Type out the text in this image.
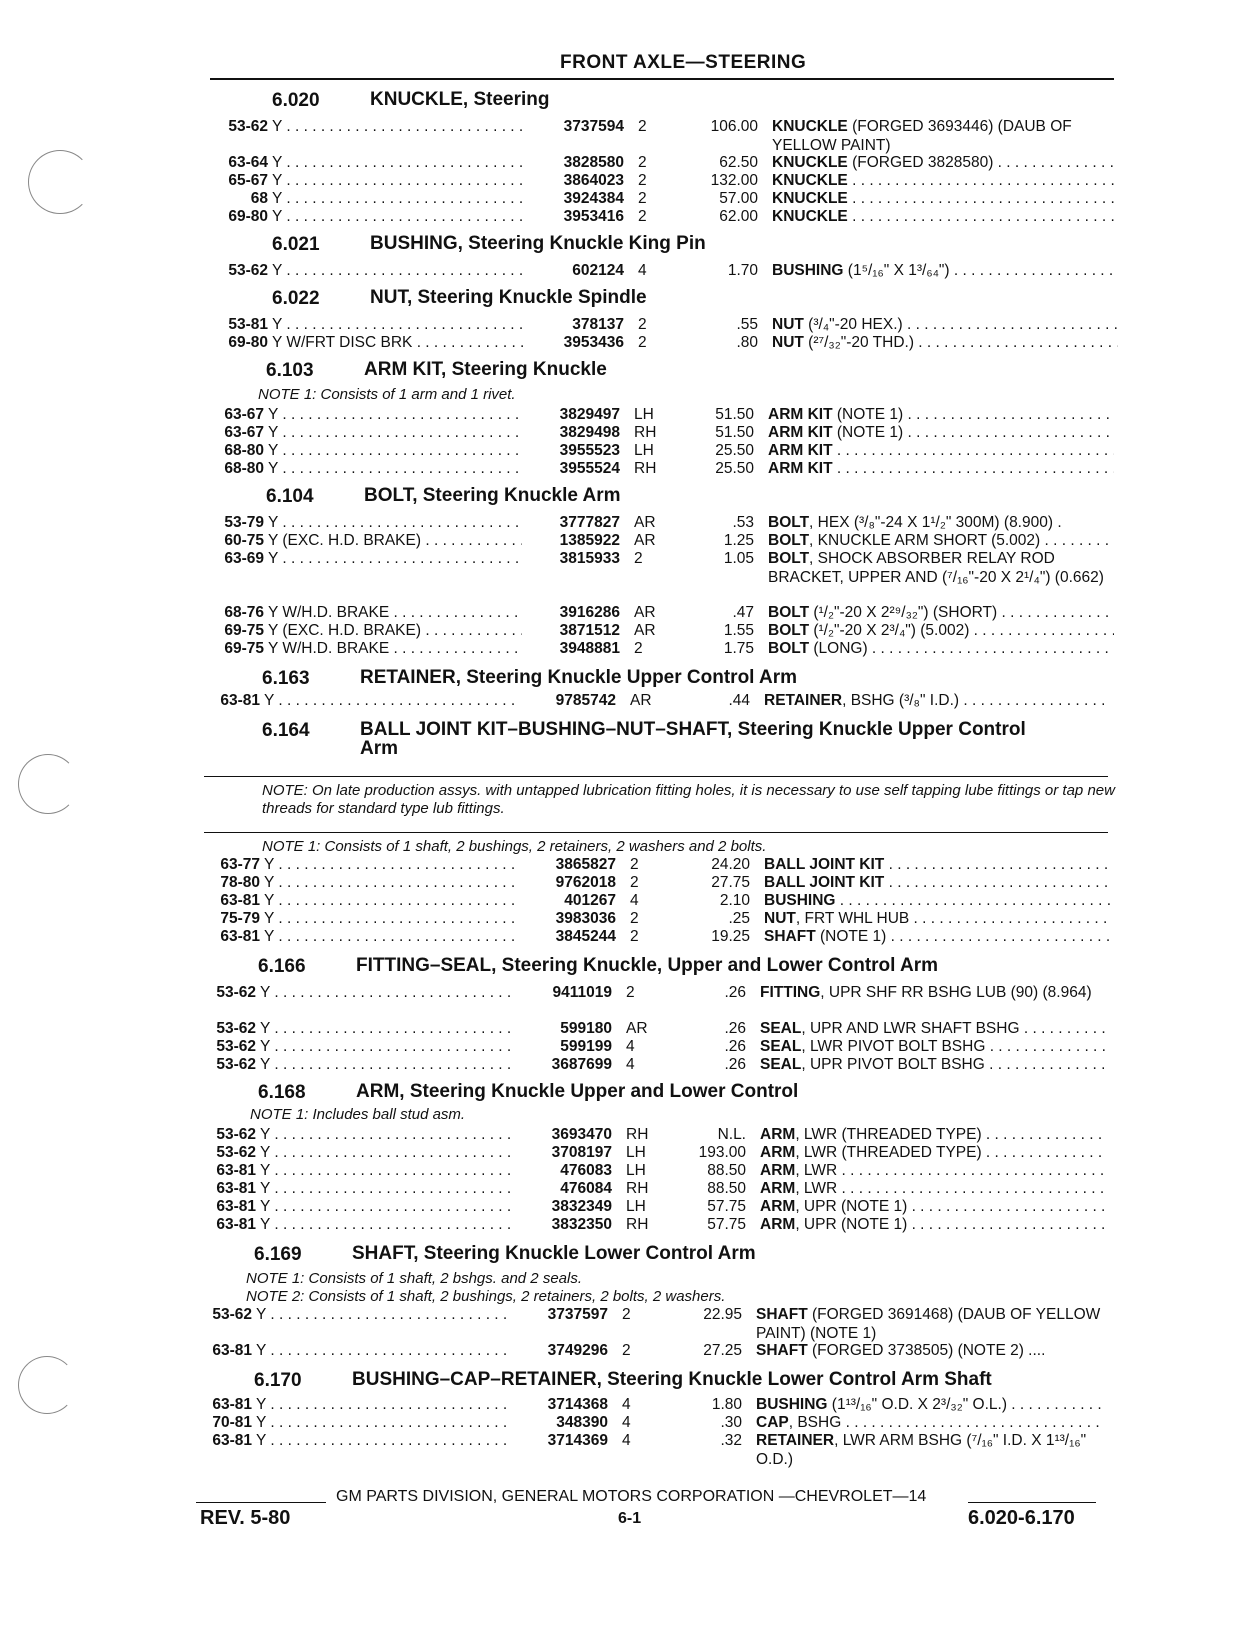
FRONT AXLE—STEERING
6.020	KNUCKLE, Steering
53-62 Y . . .	3737594 2	106.00 KNUCKLE (FORGED 3693446) (DAUB OF YELLOW PAINT)
63-64 Y . . .	3828580 2	62.50 KNUCKLE (FORGED 3828580) . . .
65-67 Y . . .	3864023 2	132.00 KNUCKLE . . .
68 Y . . .	3924384 2	57.00 KNUCKLE . . .
69-80 Y . . .	3953416 2	62.00 KNUCKLE . . .
6.021	BUSHING, Steering Knuckle King Pin
53-62 Y . . .	602124 4	1.70 BUSHING (1⁵/₁₆" X 1³/₆₄") . . .
6.022	NUT, Steering Knuckle Spindle
53-81 Y . . .	378137 2	.55 NUT (³/₄"-20 HEX.) . . .
69-80 Y W/FRT DISC BRK . . .	3953436 2	.80 NUT (²⁷/₃₂"-20 THD.) . . .
6.103	ARM KIT, Steering Knuckle
NOTE 1: Consists of 1 arm and 1 rivet.
63-67 Y . . .	3829497 LH	51.50 ARM KIT (NOTE 1) . . .
63-67 Y . . .	3829498 RH	51.50 ARM KIT (NOTE 1) . . .
68-80 Y . . .	3955523 LH	25.50 ARM KIT . . .
68-80 Y . . .	3955524 RH	25.50 ARM KIT . . .
6.104	BOLT, Steering Knuckle Arm
53-79 Y . . .	3777827 AR	.53 BOLT, HEX (³/₈"-24 X 1¹/₂" 300M) (8.900) .
60-75 Y (EXC. H.D. BRAKE) . . .	1385922 AR	1.25 BOLT, KNUCKLE ARM SHORT (5.002) . . .
63-69 Y . . .	3815933 2	1.05 BOLT, SHOCK ABSORBER RELAY ROD BRACKET, UPPER AND (⁷/₁₆"-20 X 2¹/₄") (0.662)
68-76 Y W/H.D. BRAKE . . .	3916286 AR	.47 BOLT (¹/₂"-20 X 2²⁹/₃₂") (SHORT) . . .
69-75 Y (EXC. H.D. BRAKE) . . .	3871512 AR	1.55 BOLT (¹/₂"-20 X 2³/₄") (5.002) . . .
69-75 Y W/H.D. BRAKE . . .	3948881 2	1.75 BOLT (LONG) . . .
6.163	RETAINER, Steering Knuckle Upper Control Arm
63-81 Y . . .	9785742 AR	.44 RETAINER, BSHG (³/₈" I.D.) . . .
6.164	BALL JOINT KIT–BUSHING–NUT–SHAFT, Steering Knuckle Upper Control Arm
NOTE: On late production assys. with untapped lubrication fitting holes, it is necessary to use self tapping lube fittings or tap new threads for standard type lub fittings.
NOTE 1: Consists of 1 shaft, 2 bushings, 2 retainers, 2 washers and 2 bolts.
63-77 Y . . .	3865827 2	24.20 BALL JOINT KIT . . .
78-80 Y . . .	9762018 2	27.75 BALL JOINT KIT . . .
63-81 Y . . .	401267 4	2.10 BUSHING . . .
75-79 Y . . .	3983036 2	.25 NUT, FRT WHL HUB . . .
63-81 Y . . .	3845244 2	19.25 SHAFT (NOTE 1) . . .
6.166	FITTING–SEAL, Steering Knuckle, Upper and Lower Control Arm
53-62 Y . . .	9411019 2	.26 FITTING, UPR SHF RR BSHG LUB (90) (8.964)
53-62 Y . . .	599180 AR	.26 SEAL, UPR AND LWR SHAFT BSHG . . .
53-62 Y . . .	599199 4	.26 SEAL, LWR PIVOT BOLT BSHG . . .
53-62 Y . . .	3687699 4	.26 SEAL, UPR PIVOT BOLT BSHG . . .
6.168	ARM, Steering Knuckle Upper and Lower Control
NOTE 1: Includes ball stud asm.
53-62 Y . . .	3693470 RH	N.L. ARM, LWR (THREADED TYPE) . . .
53-62 Y . . .	3708197 LH	193.00 ARM, LWR (THREADED TYPE) . . .
63-81 Y . . .	476083 LH	88.50 ARM, LWR . . .
63-81 Y . . .	476084 RH	88.50 ARM, LWR . . .
63-81 Y . . .	3832349 LH	57.75 ARM, UPR (NOTE 1) . . .
63-81 Y . . .	3832350 RH	57.75 ARM, UPR (NOTE 1) . . .
6.169	SHAFT, Steering Knuckle Lower Control Arm
NOTE 1: Consists of 1 shaft, 2 bshgs. and 2 seals.
NOTE 2: Consists of 1 shaft, 2 bushings, 2 retainers, 2 bolts, 2 washers.
53-62 Y . . .	3737597 2	22.95 SHAFT (FORGED 3691468) (DAUB OF YELLOW PAINT) (NOTE 1)
63-81 Y . . .	3749296 2	27.25 SHAFT (FORGED 3738505) (NOTE 2) ....
6.170	BUSHING–CAP–RETAINER, Steering Knuckle Lower Control Arm Shaft
63-81 Y . . .	3714368 4	1.80 BUSHING (1¹³/₁₆" O.D. X 2³/₃₂" O.L.) . . .
70-81 Y . . .	348390 4	.30 CAP, BSHG . . .
63-81 Y . . .	3714369 4	.32 RETAINER, LWR ARM BSHG (⁷/₁₆" I.D. X 1¹³/₁₆" O.D.)
GM PARTS DIVISION, GENERAL MOTORS CORPORATION —CHEVROLET—14
REV. 5-80	6-1	6.020-6.170
